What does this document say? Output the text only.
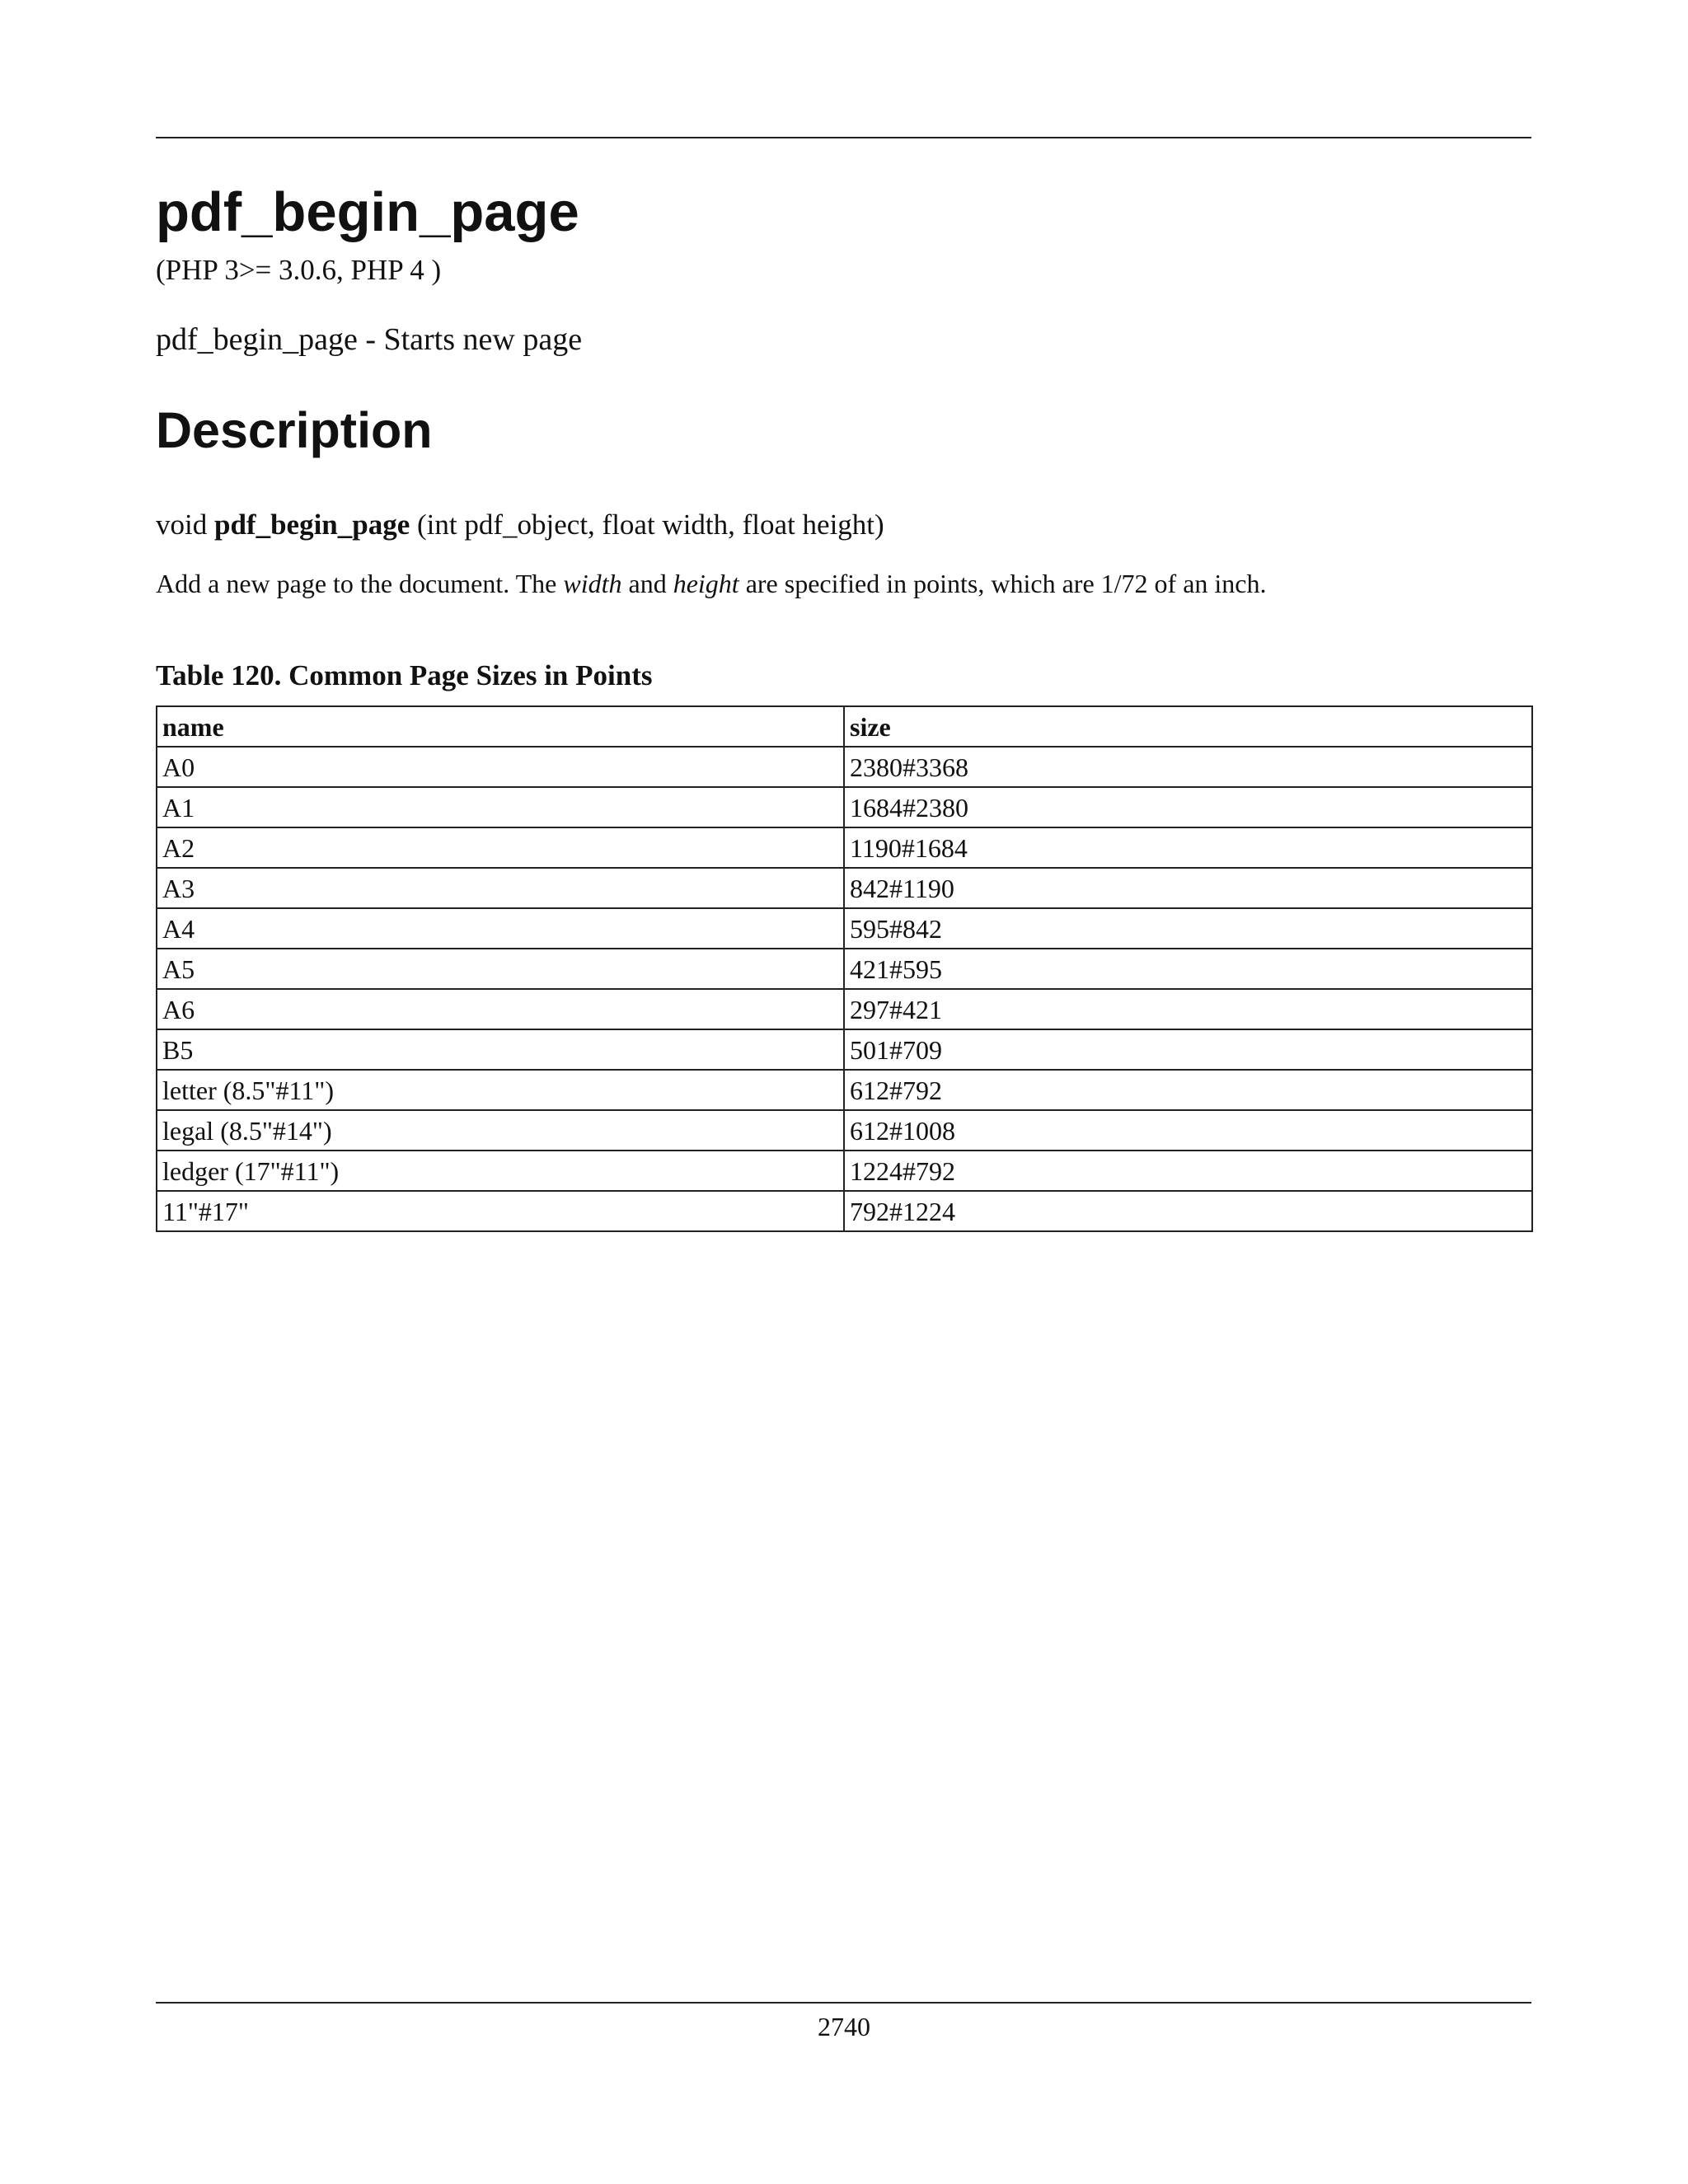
pdf_begin_page
(PHP 3>= 3.0.6, PHP 4 )
pdf_begin_page - Starts new page
Description
void pdf_begin_page (int pdf_object, float width, float height)
Add a new page to the document. The width and height are specified in points, which are 1/72 of an inch.
Table 120. Common Page Sizes in Points
name	size
A0	2380#3368
A1	1684#2380
A2	1190#1684
A3	842#1190
A4	595#842
A5	421#595
A6	297#421
B5	501#709
letter (8.5"#11")	612#792
legal (8.5"#14")	612#1008
ledger (17"#11")	1224#792
11"#17"	792#1224
2740
